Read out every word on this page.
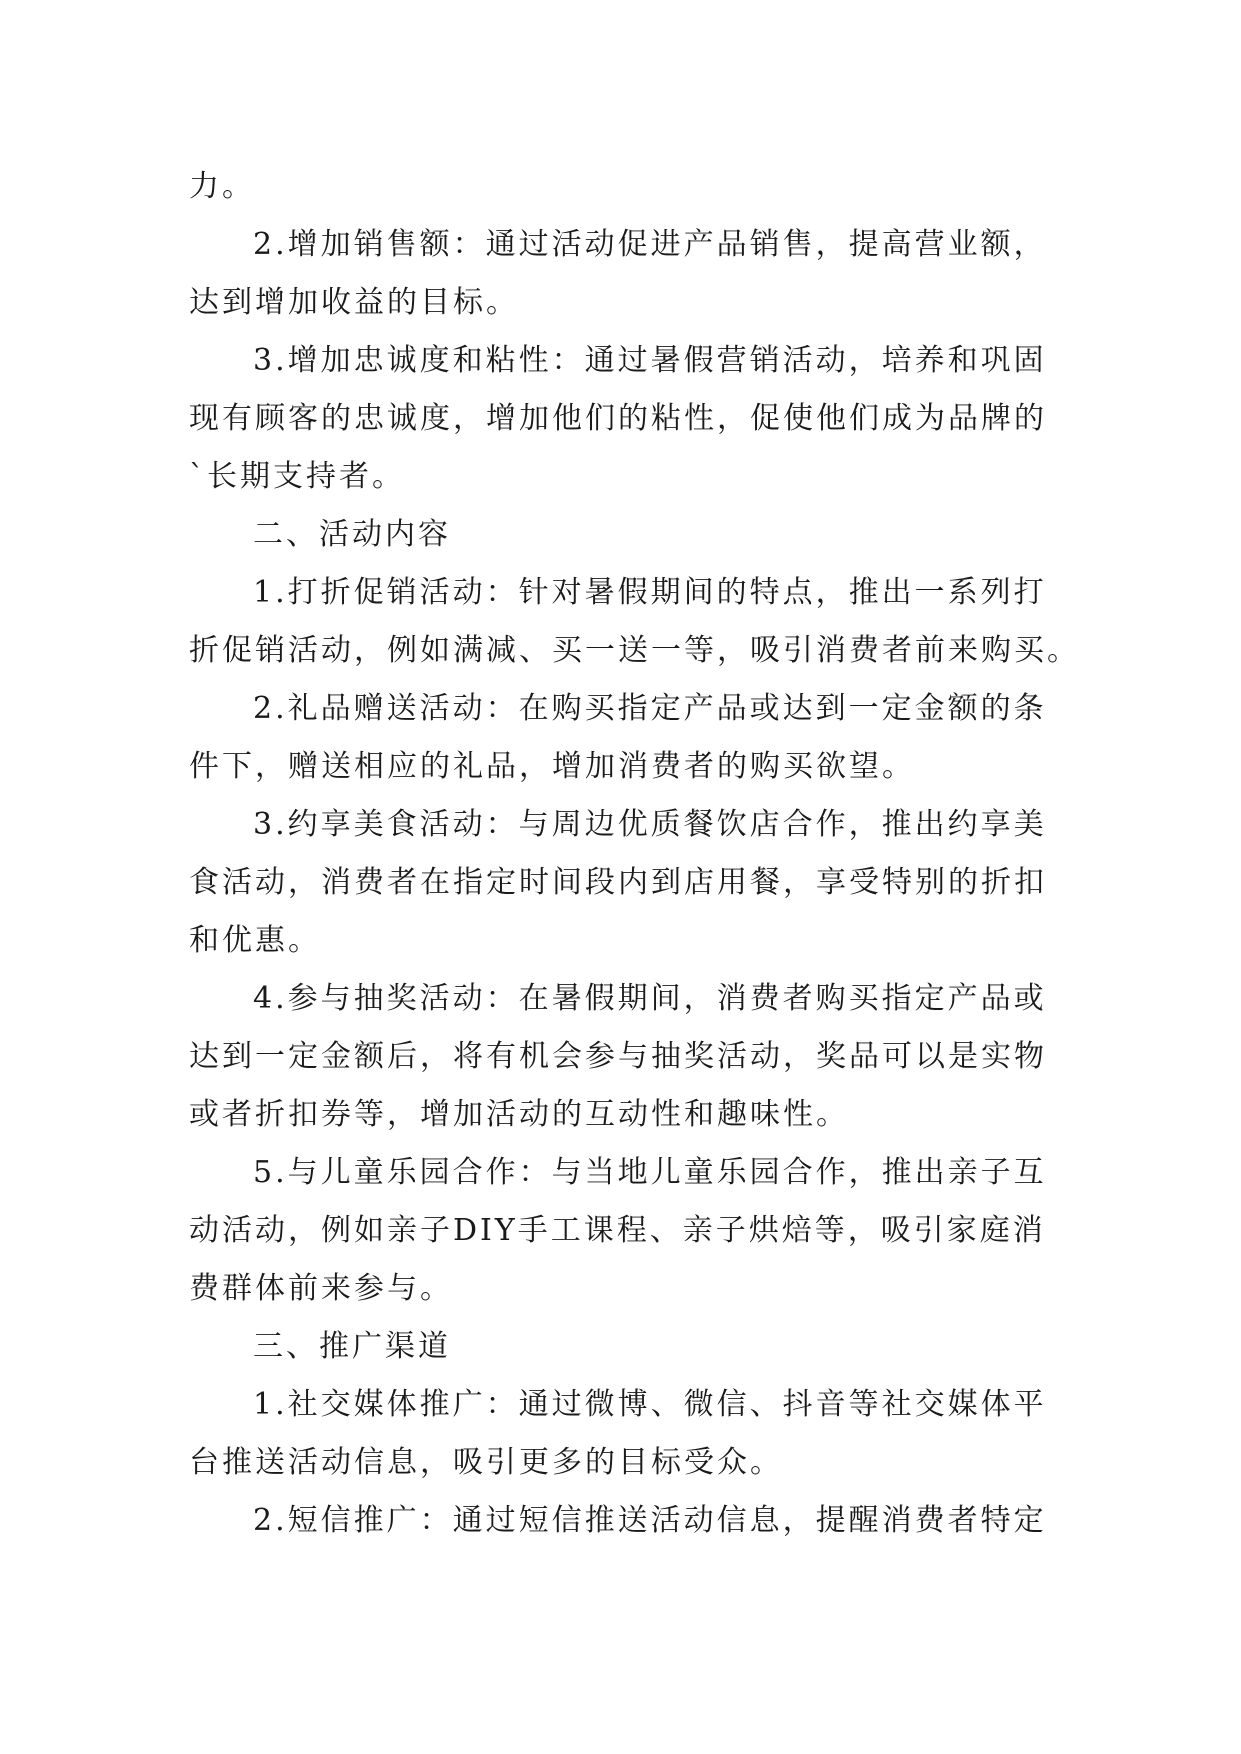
力。
2.增加销售额：通过活动促进产品销售，提高营业额，
达到增加收益的目标。
3.增加忠诚度和粘性：通过暑假营销活动，培养和巩固
现有顾客的忠诚度，增加他们的粘性，促使他们成为品牌的
`长期支持者。
二、活动内容
1.打折促销活动：针对暑假期间的特点，推出一系列打
折促销活动，例如满减、买一送一等，吸引消费者前来购买。
2.礼品赠送活动：在购买指定产品或达到一定金额的条
件下，赠送相应的礼品，增加消费者的购买欲望。
3.约享美食活动：与周边优质餐饮店合作，推出约享美
食活动，消费者在指定时间段内到店用餐，享受特别的折扣
和优惠。
4.参与抽奖活动：在暑假期间，消费者购买指定产品或
达到一定金额后，将有机会参与抽奖活动，奖品可以是实物
或者折扣券等，增加活动的互动性和趣味性。
5.与儿童乐园合作：与当地儿童乐园合作，推出亲子互
动活动，例如亲子DIY手工课程、亲子烘焙等，吸引家庭消
费群体前来参与。
三、推广渠道
1.社交媒体推广：通过微博、微信、抖音等社交媒体平
台推送活动信息，吸引更多的目标受众。
2.短信推广：通过短信推送活动信息，提醒消费者特定
